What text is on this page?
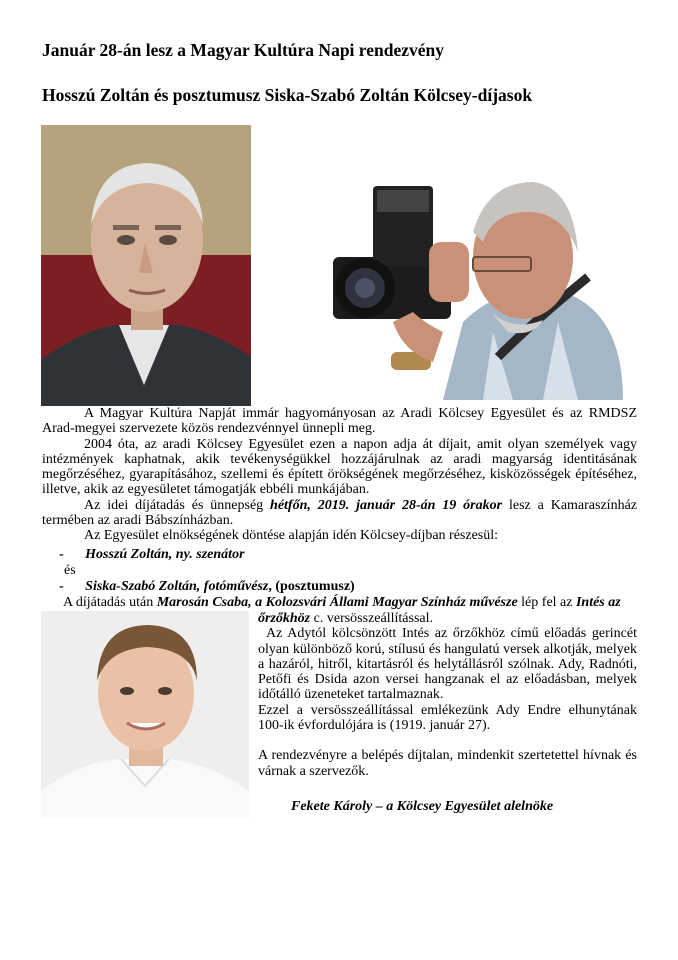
Január 28-án lesz a Magyar Kultúra Napi rendezvény
Hosszú Zoltán és posztumusz Siska-Szabó Zoltán Kölcsey-díjasok

A Magyar Kultúra Napját immár hagyományosan az Aradi Kölcsey Egyesület és az RMDSZ Arad-megyei szervezete közös rendezvénnyel ünnepli meg.

2004 óta, az aradi Kölcsey Egyesület ezen a napon adja át díjait, amit olyan személyek vagy intézmények kaphatnak, akik tevékenységükkel hozzájárulnak az aradi magyarság identitásának megőrzéséhez, gyarapításához, szellemi és épített örökségének megőrzéséhez, kisközösségek építéséhez, illetve, akik az egyesületet támogatják ebbéli munkájában.

Az idei díjátadás és ünnepség hétfőn, 2019. január 28-án 19 órakor lesz a Kamaraszínház termében az aradi Bábszínházban.

Az Egyesület elnökségének döntése alapján idén Kölcsey-díjban részesül:

- Hosszú Zoltán, ny. szenátor
és
- Siska-Szabó Zoltán, fotóművész, (posztumusz)
A díjátadás után Marosán Csaba, a Kolozsvári Állami Magyar Színház művésze lép fel az Intés az

őrzőkhöz c. versösszeállítással.

Az Adytól kölcsönzött Intés az őrzőkhöz című előadás gerincét olyan különböző korú, stílusú és hangulatú versek alkotják, melyek a hazáról, hitről, kitartásról és helytállásról szólnak. Ady, Radnóti, Petőfi és Dsida azon versei hangzanak el az előadásban, melyek időtálló üzeneteket tartalmaznak.

Ezzel a versösszeállítással emlékezünk Ady Endre elhunytának 100-ik évfordulójára is (1919. január 27).

A rendezvényre a belépés díjtalan, mindenkit szertetettel hívnak és várnak a szervezők.

Fekete Károly – a Kölcsey Egyesület alelnöke
